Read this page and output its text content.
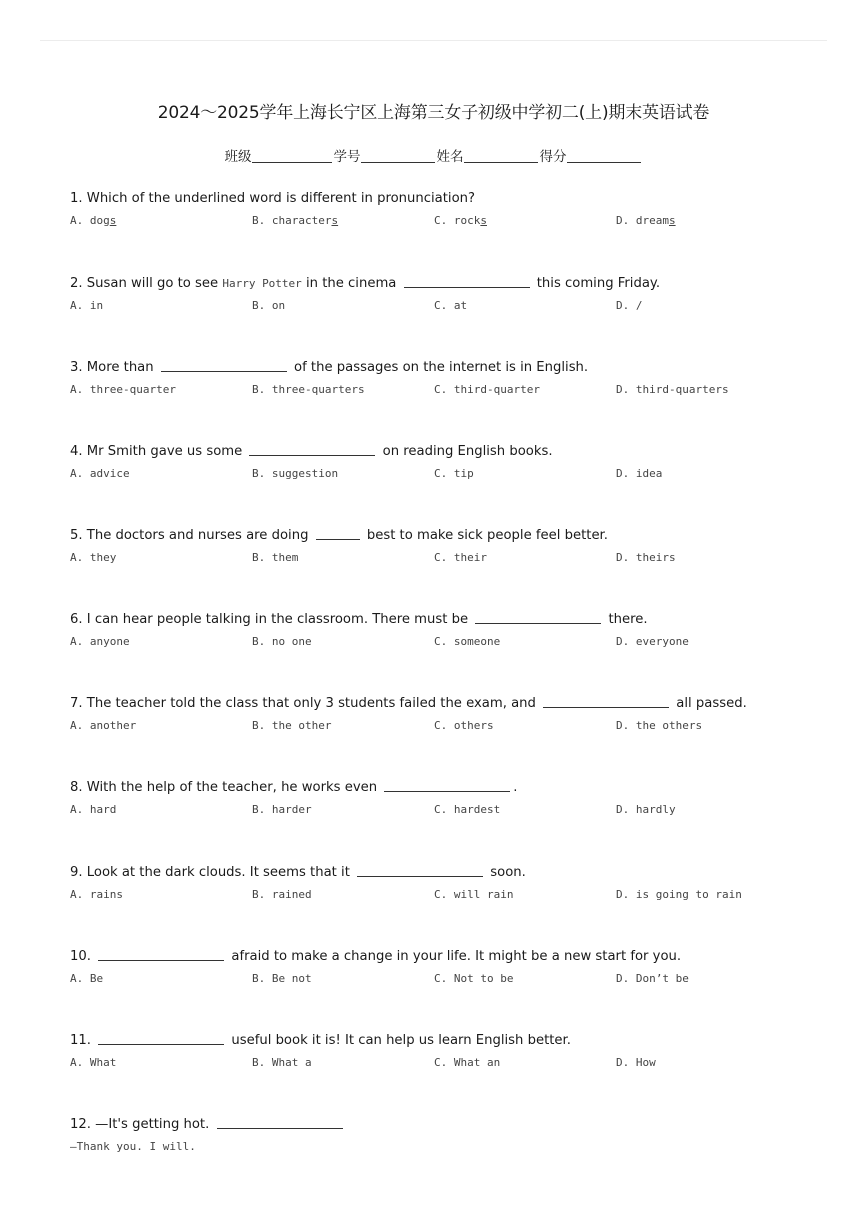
2024～2025学年上海长宁区上海第三女子初级中学初二(上)期末英语试卷
班级	学号	姓名	得分
1. Which of the underlined word is different in pronunciation?
A. dogs	B. characters	C. rocks	D. dreams
2. Susan will go to see Harry Potter in the cinema	this coming Friday.
A. in	B. on	C. at	D. /
3. More than	of the passages on the internet is in English.
A. three-quarter	B. three-quarters	C. third-quarter	D. third-quarters
4. Mr Smith gave us some	on reading English books.
A. advice	B. suggestion	C. tip	D. idea
5. The doctors and nurses are doing	best to make sick people feel better.
A. they	B. them	C. their	D. theirs
6. I can hear people talking in the classroom. There must be	there.
A. anyone	B. no one	C. someone	D. everyone
7. The teacher told the class that only 3 students failed the exam, and	all passed.
A. another	B. the other	C. others	D. the others
8. With the help of the teacher, he works even	.
A. hard	B. harder	C. hardest	D. hardly
9. Look at the dark clouds. It seems that it	soon.
A. rains	B. rained	C. will rain	D. is going to rain
10.	afraid to make a change in your life. It might be a new start for you.
A. Be	B. Be not	C. Not to be	D. Don’t be
11.	useful book it is! It can help us learn English better.
A. What	B. What a	C. What an	D. How
12. —It's getting hot.
—Thank you. I will.
